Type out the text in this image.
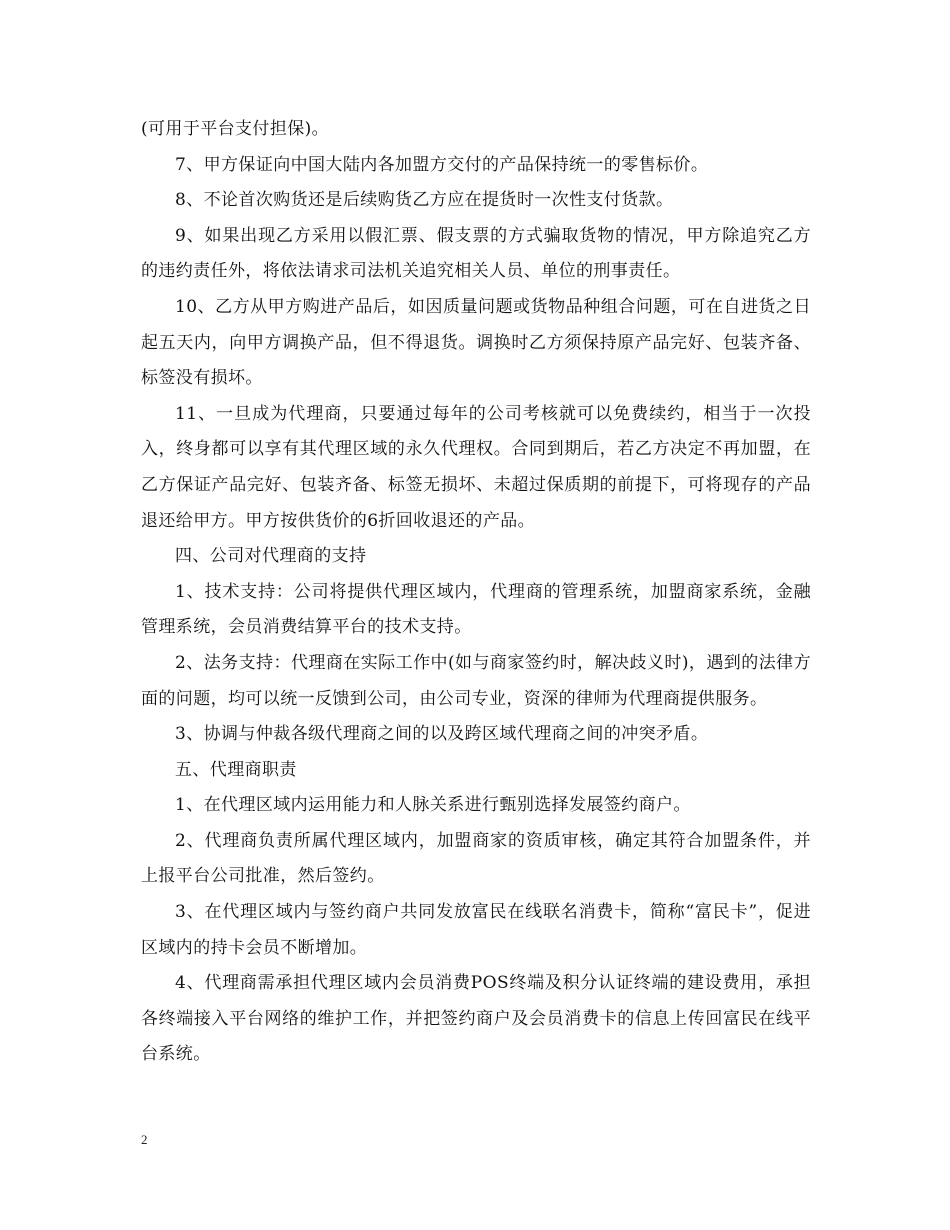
(可用于平台支付担保)。

7、甲方保证向中国大陆内各加盟方交付的产品保持统一的零售标价。

8、不论首次购货还是后续购货乙方应在提货时一次性支付货款。

9、如果出现乙方采用以假汇票、假支票的方式骗取货物的情况，甲方除追究乙方的违约责任外，将依法请求司法机关追究相关人员、单位的刑事责任。

10、乙方从甲方购进产品后，如因质量问题或货物品种组合问题，可在自进货之日起五天内，向甲方调换产品，但不得退货。调换时乙方须保持原产品完好、包装齐备、标签没有损坏。

11、一旦成为代理商，只要通过每年的公司考核就可以免费续约，相当于一次投入，终身都可以享有其代理区域的永久代理权。合同到期后，若乙方决定不再加盟，在乙方保证产品完好、包装齐备、标签无损坏、未超过保质期的前提下，可将现存的产品退还给甲方。甲方按供货价的6折回收退还的产品。

四、公司对代理商的支持

1、技术支持：公司将提供代理区域内，代理商的管理系统，加盟商家系统，金融管理系统，会员消费结算平台的技术支持。

2、法务支持：代理商在实际工作中(如与商家签约时，解决歧义时)，遇到的法律方面的问题，均可以统一反馈到公司，由公司专业，资深的律师为代理商提供服务。

3、协调与仲裁各级代理商之间的以及跨区域代理商之间的冲突矛盾。

五、代理商职责

1、在代理区域内运用能力和人脉关系进行甄别选择发展签约商户。

2、代理商负责所属代理区域内，加盟商家的资质审核，确定其符合加盟条件，并上报平台公司批准，然后签约。

3、在代理区域内与签约商户共同发放富民在线联名消费卡，简称“富民卡”，促进区域内的持卡会员不断增加。

4、代理商需承担代理区域内会员消费POS终端及积分认证终端的建设费用，承担各终端接入平台网络的维护工作，并把签约商户及会员消费卡的信息上传回富民在线平台系统。

2
